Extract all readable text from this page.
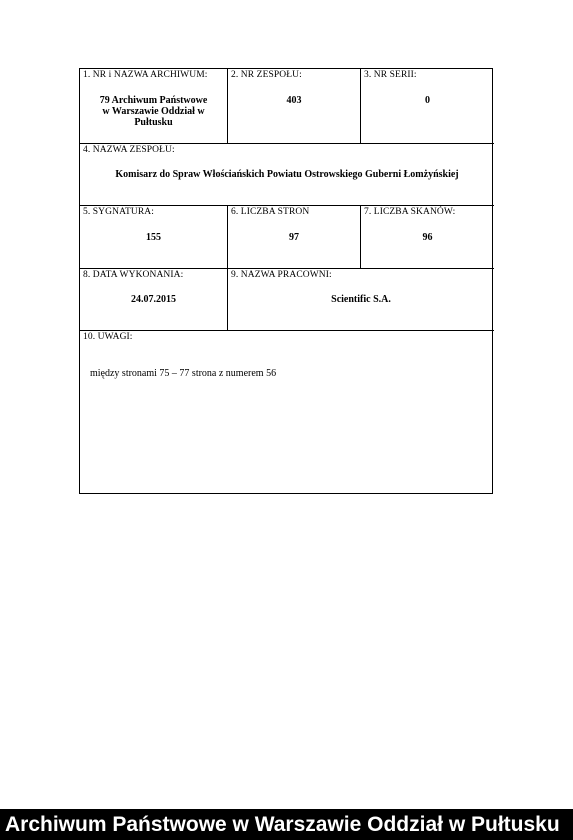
1. NR i NAZWA ARCHIWUM:
79 Archiwum Państwowe w Warszawie Oddział w Pułtusku
2. NR ZESPOŁU:
403
3. NR SERII:
0
4. NAZWA ZESPOŁU:
Komisarz do Spraw Włościańskich Powiatu Ostrowskiego Guberni Łomżyńskiej
5. SYGNATURA:
155
6. LICZBA STRON
97
7. LICZBA SKANÓW:
96
8. DATA WYKONANIA:
24.07.2015
9. NAZWA PRACOWNI:
Scientific S.A.
10. UWAGI:
między stronami 75 – 77 strona z numerem 56
Archiwum Państwowe w Warszawie Oddział w Pułtusku
